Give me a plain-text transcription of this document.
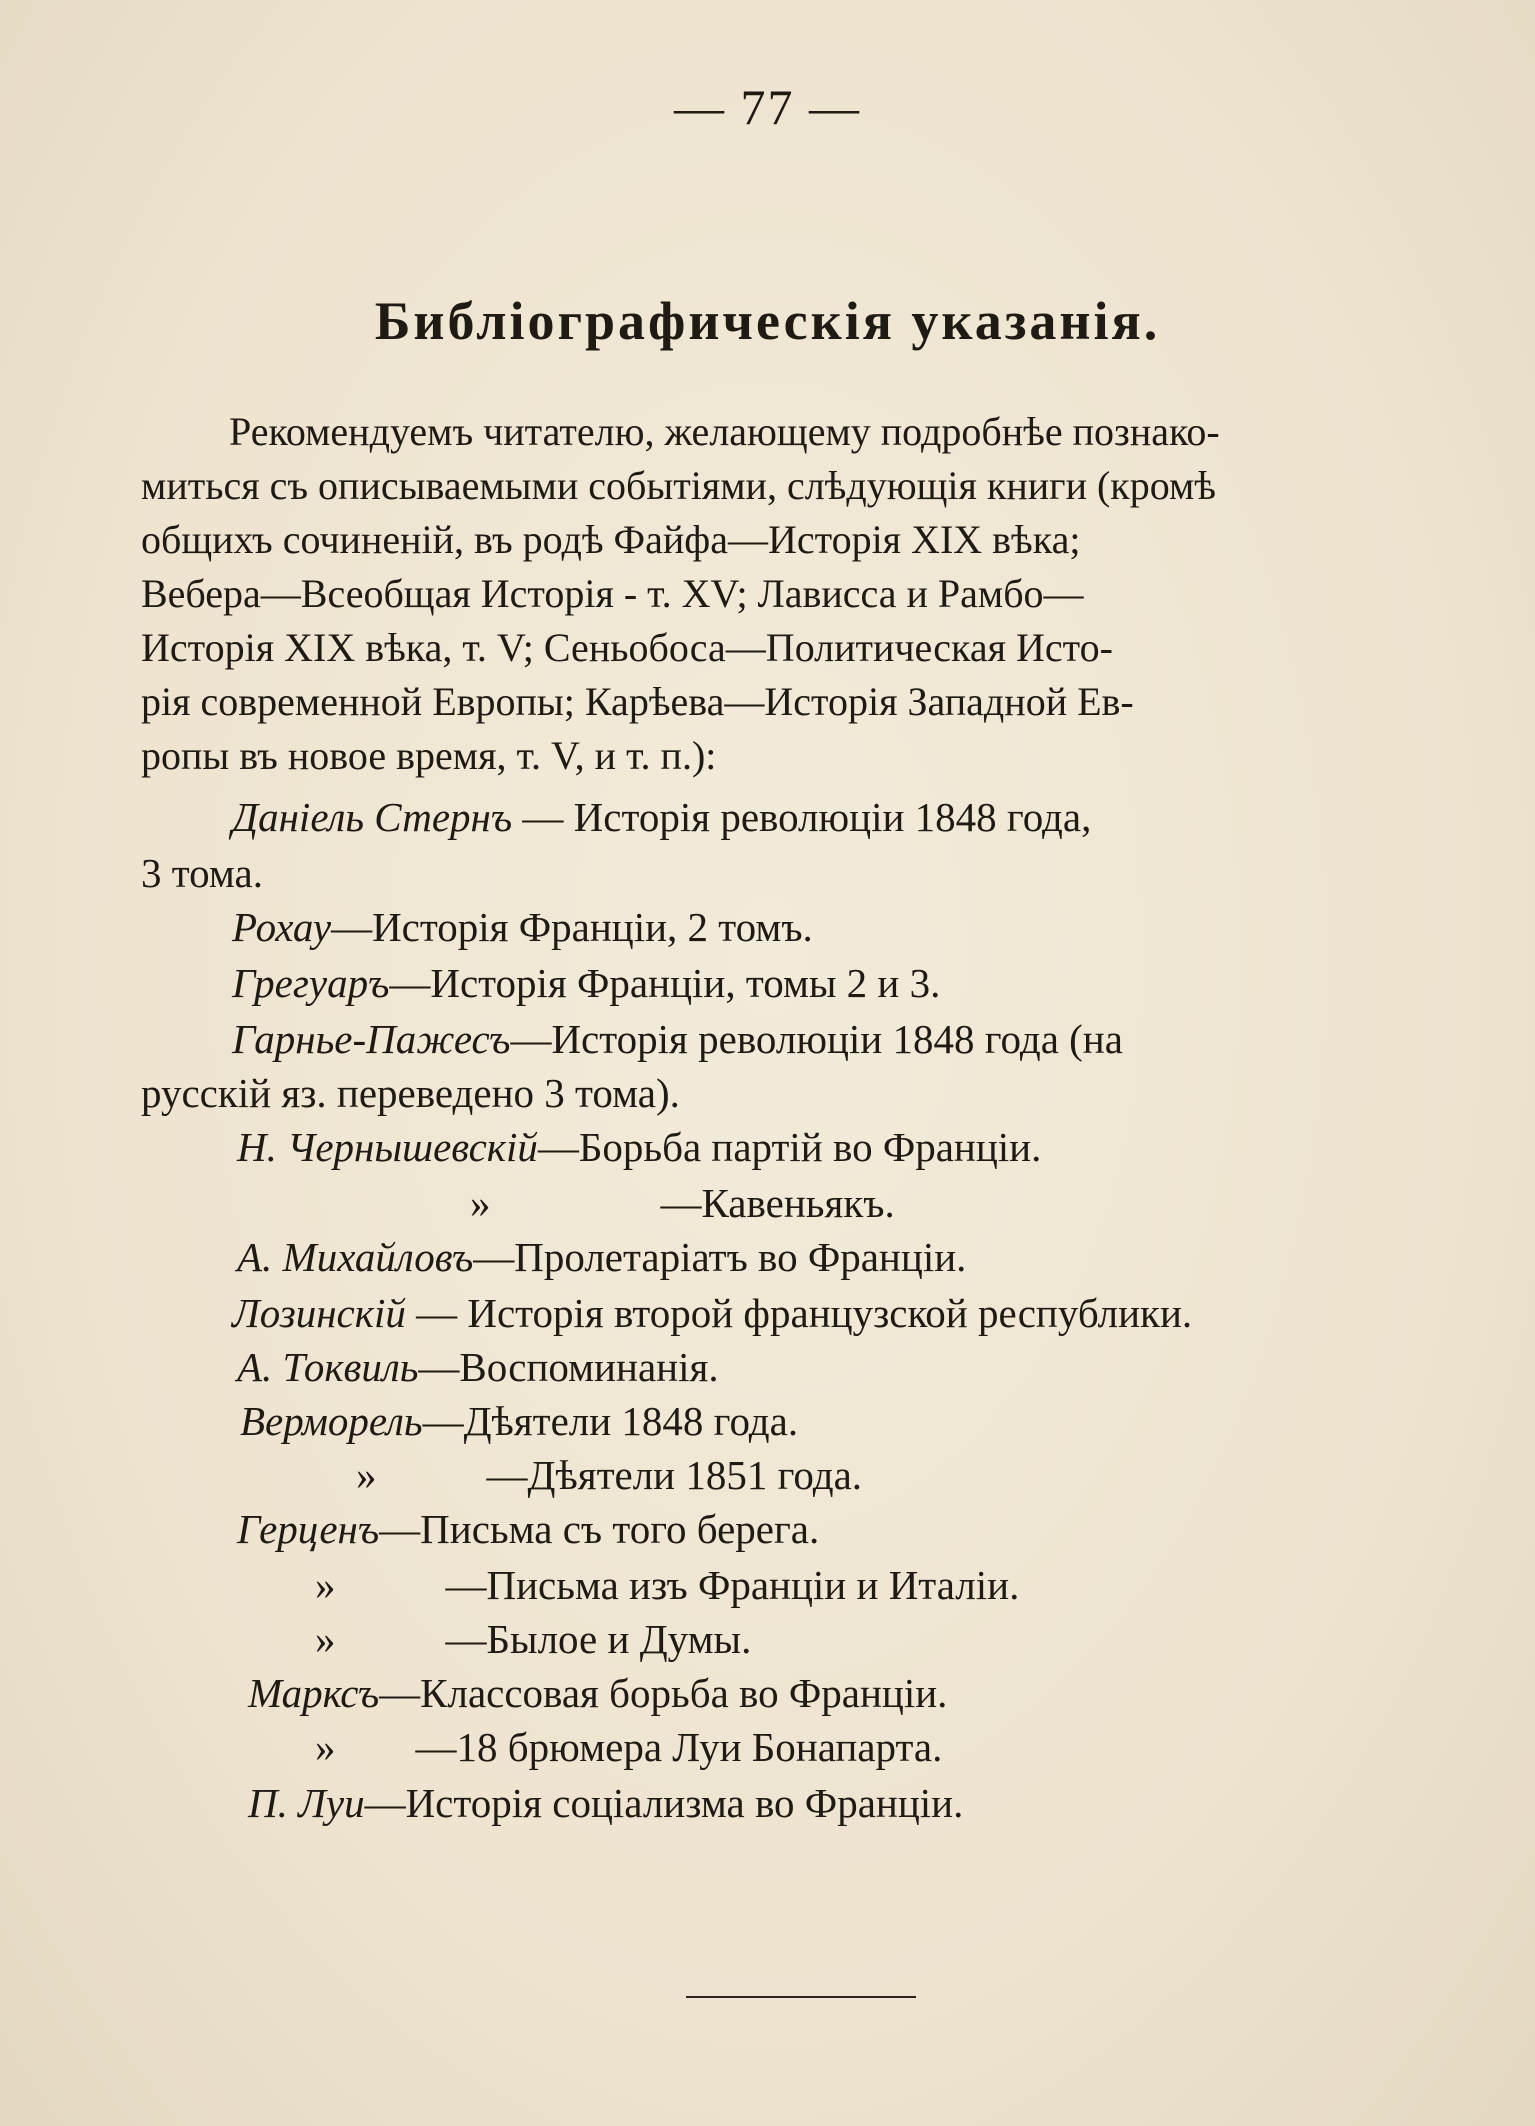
— 77 —
Библіографическія указанія.
Рекомендуемъ читателю, желающему подробнѣе познако-
миться съ описываемыми событіями, слѣдующія книги (кромѣ
общихъ сочиненій, въ родѣ Файфа—Исторія XIX вѣка;
Вебера—Всеобщая Исторія - т. XV; Лависса и Рамбо—
Исторія XIX вѣка, т. V; Сеньобоса—Политическая Исто-
рія современной Европы; Карѣева—Исторія Западной Ев-
ропы въ новое время, т. V, и т. п.):
Даніель Стернъ — Исторія революціи 1848 года,
3 тома.
Рохау—Исторія Франціи, 2 томъ.
Грегуаръ—Исторія Франціи, томы 2 и 3.
Гарнье-Пажесъ—Исторія революціи 1848 года (на
русскій яз. переведено 3 тома).
Н. Чернышевскій—Борьба партій во Франціи.
»	—Кавеньякъ.
А. Михайловъ—Пролетаріатъ во Франціи.
Лозинскій — Исторія второй французской республики.
А. Токвиль—Воспоминанія.
Верморель—Дѣятели 1848 года.
»	—Дѣятели 1851 года.
Герценъ—Письма съ того берега.
»	—Письма изъ Франціи и Италіи.
»	—Былое и Думы.
Марксъ—Классовая борьба во Франціи.
» —18 брюмера Луи Бонапарта.
П. Луи—Исторія соціализма во Франціи.
